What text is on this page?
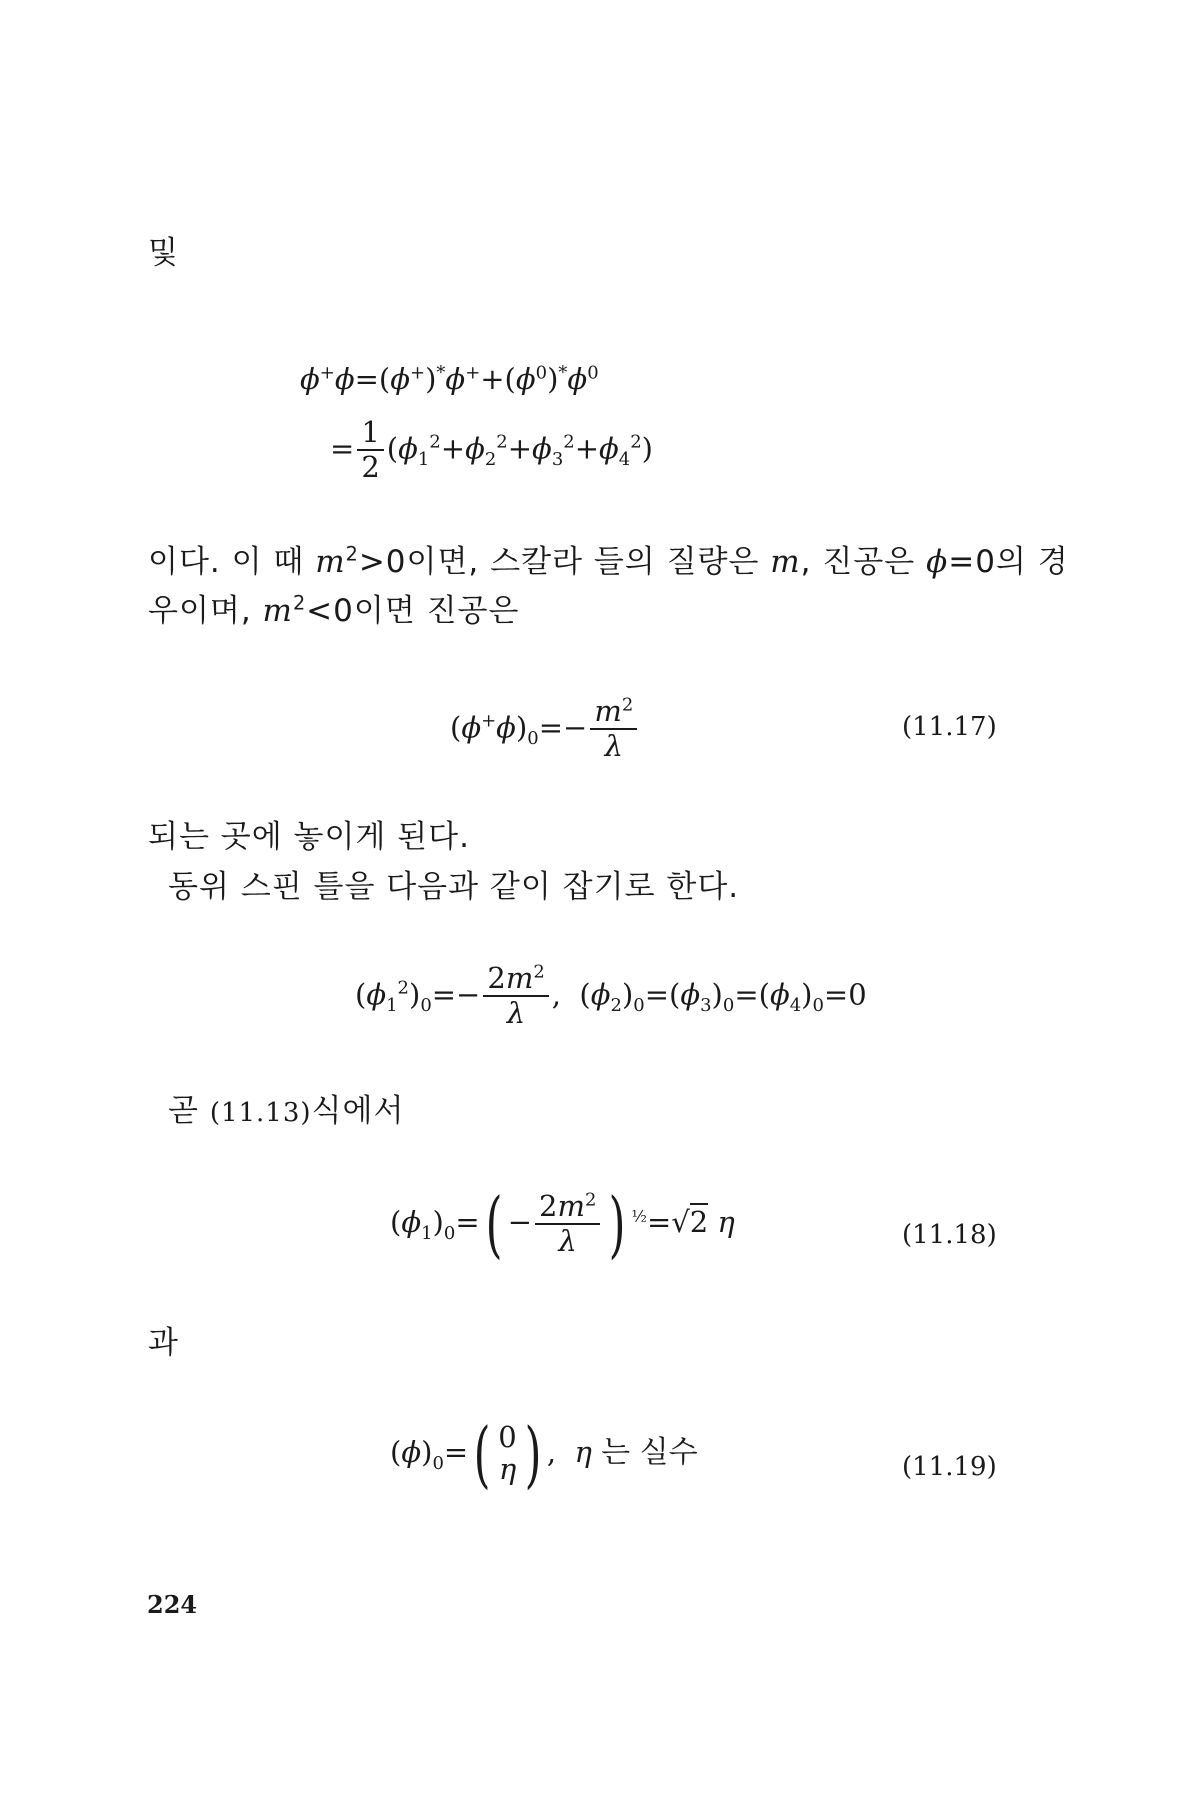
및
$\phi^+\phi=(\phi^+)^*\phi^++(\phi^0)^*\phi^0$
= $\frac{1}{2} (\phi_1^2+\phi_2^2+\phi_3^2+\phi_4^2)$
이다. 이 때 $m^2>0$이면, 스칼라 들의 질량은 m, 진공은 ϕ=0의 경
우이며, $m^2<0$이면 진공은
$(\phi^+\phi)_0=- \frac{m^2}{\lambda}$	(11.17)
되는 곳에 놓이게 된다.
동위 스핀 틀을 다음과 같이 잡기로 한다.
$(\phi_1^2)_0=- \frac{2m^2}{\lambda}$ ,  $(\phi_2)_0=(\phi_3)_0=(\phi_4)_0=0$
곧 (11.13)식에서
$(\phi_1)_0=( - \frac{2m^2}{\lambda}$ ) $^{\frac{1}{2}}$=√2 η	(11.18)
과
$(\phi)_0=$( 0
η ) ,  η 는 실수	(11.19)
224
